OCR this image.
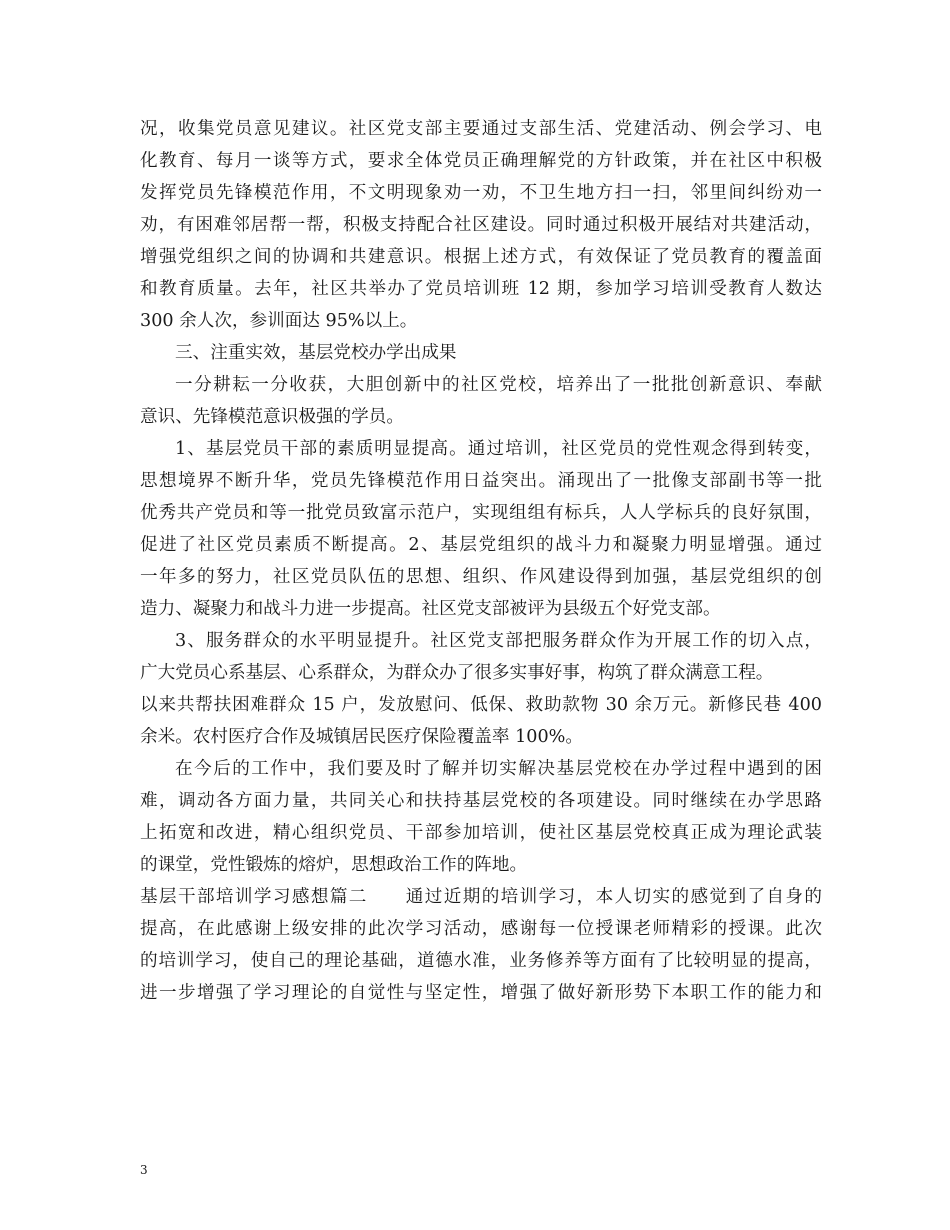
况，收集党员意见建议。社区党支部主要通过支部生活、党建活动、例会学习、电
化教育、每月一谈等方式，要求全体党员正确理解党的方针政策，并在社区中积极
发挥党员先锋模范作用，不文明现象劝一劝，不卫生地方扫一扫，邻里间纠纷劝一
劝，有困难邻居帮一帮，积极支持配合社区建设。同时通过积极开展结对共建活动，
增强党组织之间的协调和共建意识。根据上述方式，有效保证了党员教育的覆盖面
和教育质量。去年，社区共举办了党员培训班 12 期，参加学习培训受教育人数达
300 余人次，参训面达 95%以上。
三、注重实效，基层党校办学出成果
一分耕耘一分收获，大胆创新中的社区党校，培养出了一批批创新意识、奉献
意识、先锋模范意识极强的学员。
1、基层党员干部的素质明显提高。通过培训，社区党员的党性观念得到转变，
思想境界不断升华，党员先锋模范作用日益突出。涌现出了一批像支部副书等一批
优秀共产党员和等一批党员致富示范户，实现组组有标兵，人人学标兵的良好氛围，
促进了社区党员素质不断提高。2、基层党组织的战斗力和凝聚力明显增强。通过
一年多的努力，社区党员队伍的思想、组织、作风建设得到加强，基层党组织的创
造力、凝聚力和战斗力进一步提高。社区党支部被评为县级五个好党支部。
3、服务群众的水平明显提升。社区党支部把服务群众作为开展工作的切入点，
广大党员心系基层、心系群众，为群众办了很多实事好事，构筑了群众满意工程。
以来共帮扶困难群众 15 户，发放慰问、低保、救助款物 30 余万元。新修民巷 400
余米。农村医疗合作及城镇居民医疗保险覆盖率 100%。
在今后的工作中，我们要及时了解并切实解决基层党校在办学过程中遇到的困
难，调动各方面力量，共同关心和扶持基层党校的各项建设。同时继续在办学思路
上拓宽和改进，精心组织党员、干部参加培训，使社区基层党校真正成为理论武装
的课堂，党性锻炼的熔炉，思想政治工作的阵地。
基层干部培训学习感想篇二　　通过近期的培训学习，本人切实的感觉到了自身的
提高，在此感谢上级安排的此次学习活动，感谢每一位授课老师精彩的授课。此次
的培训学习，使自己的理论基础，道德水准，业务修养等方面有了比较明显的提高，
进一步增强了学习理论的自觉性与坚定性，增强了做好新形势下本职工作的能力和
3
